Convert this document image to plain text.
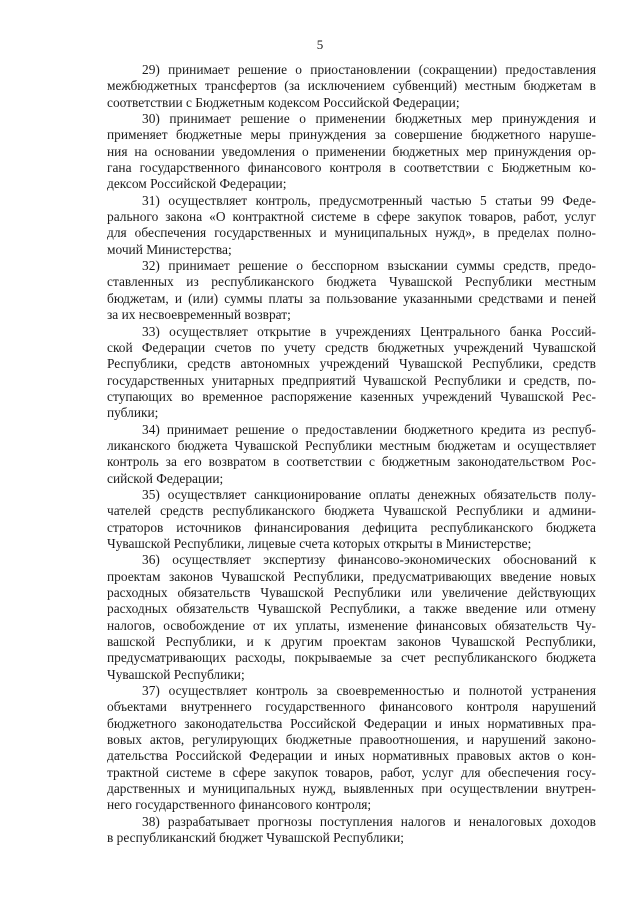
5
29) принимает решение о приостановлении (сокращении) предоставления
межбюджетных трансфертов (за исключением субвенций) местным бюджетам в
соответствии с Бюджетным кодексом Российской Федерации;
30) принимает решение о применении бюджетных мер принуждения и
применяет бюджетные меры принуждения за совершение бюджетного наруше-
ния на основании уведомления о применении бюджетных мер принуждения ор-
гана государственного финансового контроля в соответствии с Бюджетным ко-
дексом Российской Федерации;
31) осуществляет контроль, предусмотренный частью 5 статьи 99 Феде-
рального закона «О контрактной системе в сфере закупок товаров, работ, услуг
для обеспечения государственных и муниципальных нужд», в пределах полно-
мочий Министерства;
32) принимает решение о бесспорном взыскании суммы средств, предо-
ставленных из республиканского бюджета Чувашской Республики местным
бюджетам, и (или) суммы платы за пользование указанными средствами и пеней
за их несвоевременный возврат;
33) осуществляет открытие в учреждениях Центрального банка Россий-
ской Федерации счетов по учету средств бюджетных учреждений Чувашской
Республики, средств автономных учреждений Чувашской Республики, средств
государственных унитарных предприятий Чувашской Республики и средств, по-
ступающих во временное распоряжение казенных учреждений Чувашской Рес-
публики;
34) принимает решение о предоставлении бюджетного кредита из респуб-
ликанского бюджета Чувашской Республики местным бюджетам и осуществляет
контроль за его возвратом в соответствии с бюджетным законодательством Рос-
сийской Федерации;
35) осуществляет санкционирование оплаты денежных обязательств полу-
чателей средств республиканского бюджета Чувашской Республики и админи-
страторов источников финансирования дефицита республиканского бюджета
Чувашской Республики, лицевые счета которых открыты в Министерстве;
36) осуществляет экспертизу финансово-экономических обоснований к
проектам законов Чувашской Республики, предусматривающих введение новых
расходных обязательств Чувашской Республики или увеличение действующих
расходных обязательств Чувашской Республики, а также введение или отмену
налогов, освобождение от их уплаты, изменение финансовых обязательств Чу-
вашской Республики, и к другим проектам законов Чувашской Республики,
предусматривающих расходы, покрываемые за счет республиканского бюджета
Чувашской Республики;
37) осуществляет контроль за своевременностью и полнотой устранения
объектами внутреннего государственного финансового контроля нарушений
бюджетного законодательства Российской Федерации и иных нормативных пра-
вовых актов, регулирующих бюджетные правоотношения, и нарушений законо-
дательства Российской Федерации и иных нормативных правовых актов о кон-
трактной системе в сфере закупок товаров, работ, услуг для обеспечения госу-
дарственных и муниципальных нужд, выявленных при осуществлении внутрен-
него государственного финансового контроля;
38) разрабатывает прогнозы поступления налогов и неналоговых доходов
в республиканский бюджет Чувашской Республики;
